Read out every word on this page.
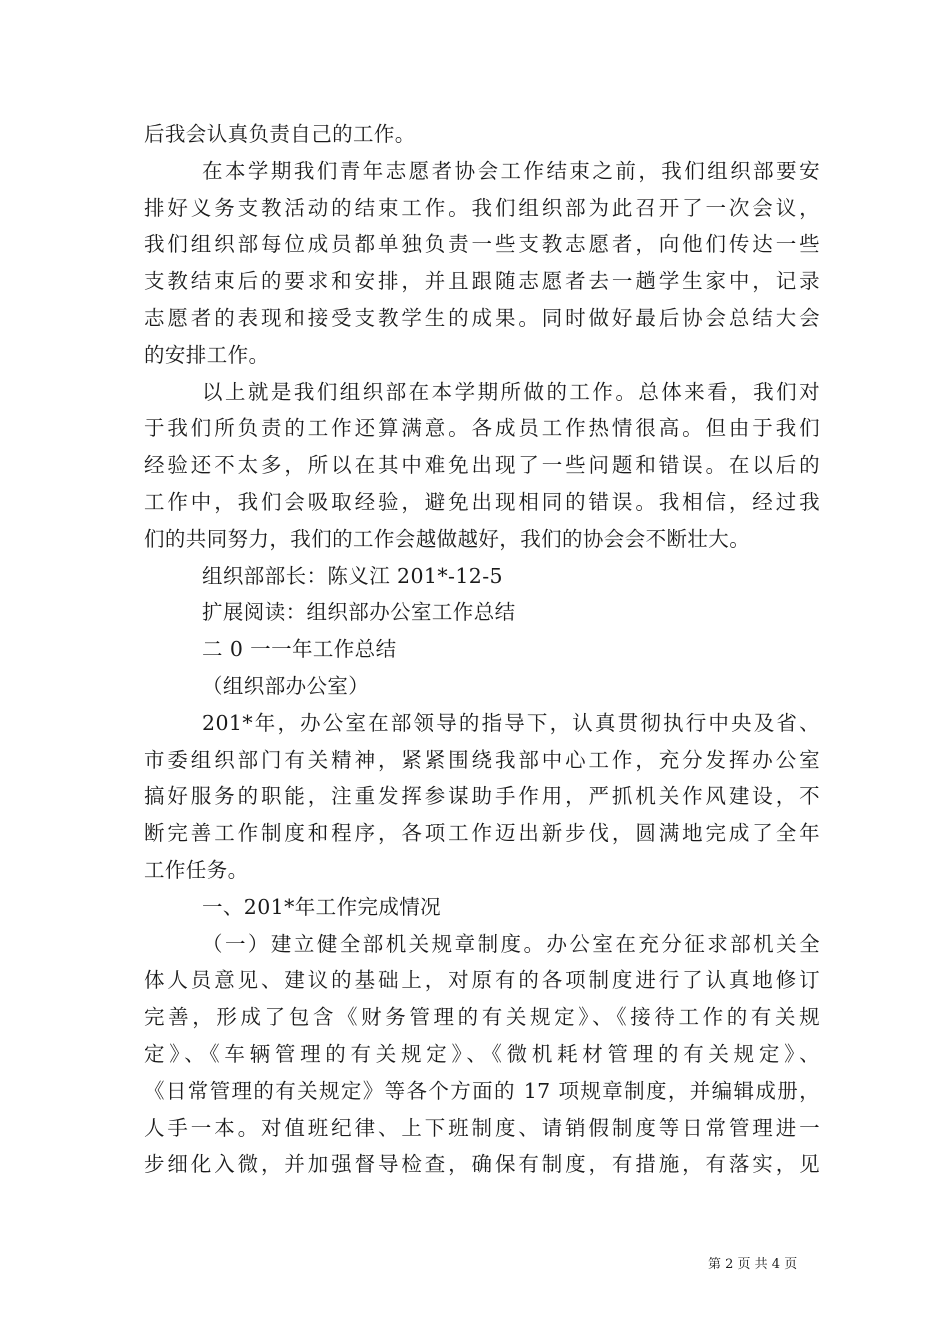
后我会认真负责自己的工作。
在本学期我们青年志愿者协会工作结束之前，我们组织部要安
排好义务支教活动的结束工作。我们组织部为此召开了一次会议，
我们组织部每位成员都单独负责一些支教志愿者，向他们传达一些
支教结束后的要求和安排，并且跟随志愿者去一趟学生家中，记录
志愿者的表现和接受支教学生的成果。同时做好最后协会总结大会
的安排工作。
以上就是我们组织部在本学期所做的工作。总体来看，我们对
于我们所负责的工作还算满意。各成员工作热情很高。但由于我们
经验还不太多，所以在其中难免出现了一些问题和错误。在以后的
工作中，我们会吸取经验，避免出现相同的错误。我相信，经过我
们的共同努力，我们的工作会越做越好，我们的协会会不断壮大。
组织部部长：陈义江 201*-12-5
扩展阅读：组织部办公室工作总结
二 0 一一年工作总结
（组织部办公室）
201*年，办公室在部领导的指导下，认真贯彻执行中央及省、
市委组织部门有关精神，紧紧围绕我部中心工作，充分发挥办公室
搞好服务的职能，注重发挥参谋助手作用，严抓机关作风建设，不
断完善工作制度和程序，各项工作迈出新步伐，圆满地完成了全年
工作任务。
一、201*年工作完成情况
（一）建立健全部机关规章制度。办公室在充分征求部机关全
体人员意见、建议的基础上，对原有的各项制度进行了认真地修订
完善，形成了包含《财务管理的有关规定》、《接待工作的有关规
定》、《车辆管理的有关规定》、《微机耗材管理的有关规定》、
《日常管理的有关规定》等各个方面的 17 项规章制度，并编辑成册，
人手一本。对值班纪律、上下班制度、请销假制度等日常管理进一
步细化入微，并加强督导检查，确保有制度，有措施，有落实，见
第 2 页 共 4 页
